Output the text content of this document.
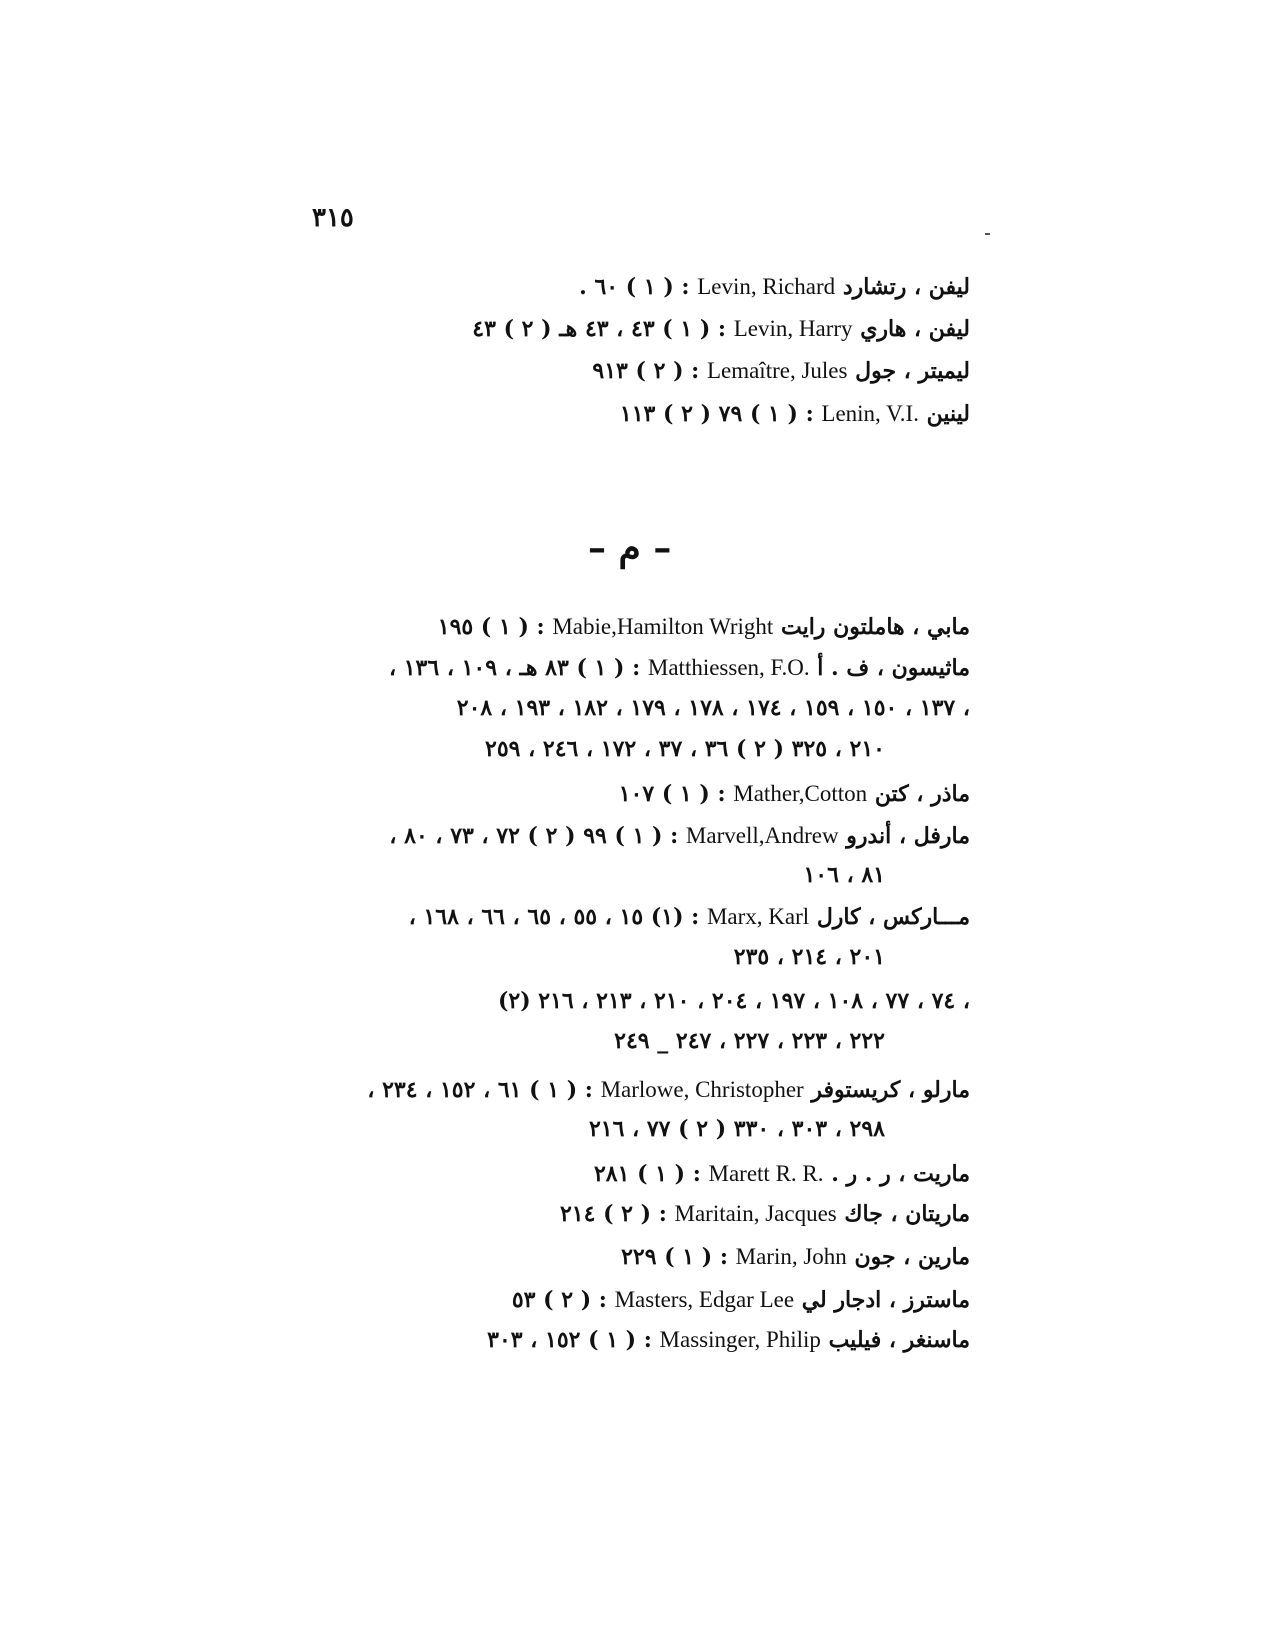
٣١٥
ليفن ، رتشارد Levin, Richard : ( ١ ) ٦٠ .
ليفن ، هاري Levin, Harry : ( ١ ) ٤٣ ، ٤٣ هـ ( ٢ ) ٤٣
ليميتر ، جول Lemaître, Jules : ( ٢ ) ٩١٣
لينين Lenin, V.I. : ( ١ ) ٧٩ ( ٢ ) ١١٣
– م –
مابي ، هاملتون رايت Mabie,Hamilton Wright : ( ١ ) ١٩٥
ماثيسون ، ف . أ Matthiessen, F.O. : ( ١ ) ٨٣ هـ ، ١٠٩ ، ١٣٦ ،
١٣٧ ، ١٥٠ ، ١٥٩ ، ١٧٤ ، ١٧٨ ، ١٧٩ ، ١٨٢ ، ١٩٣ ، ٢٠٨ ،
٢١٠ ، ٣٢٥ ( ٢ ) ٣٦ ، ٣٧ ، ١٧٢ ، ٢٤٦ ، ٢٥٩
ماذر ، كتن Mather,Cotton : ( ١ ) ١٠٧
مارفل ، أندرو Marvell,Andrew : ( ١ ) ٩٩ ( ٢ ) ٧٢ ، ٧٣ ، ٨٠ ،
٨١ ، ١٠٦
مـــاركس ، كارل Marx, Karl : (١) ١٥ ، ٥٥ ، ٦٥ ، ٦٦ ، ١٦٨ ،
٢٠١ ، ٢١٤ ، ٢٣٥
(٢) ٧٤ ، ٧٧ ، ١٠٨ ، ١٩٧ ، ٢٠٤ ، ٢١٠ ، ٢١٣ ، ٢١٦ ،
٢٢٢ ، ٢٢٣ ، ٢٢٧ ، ٢٤٧ _ ٢٤٩
مارلو ، كريستوفر Marlowe, Christopher : ( ١ ) ٦١ ، ١٥٢ ، ٢٣٤ ،
٢٩٨ ، ٣٠٣ ، ٣٣٠ ( ٢ ) ٧٧ ، ٢١٦
ماريت ، ر . ر . Marett R. R. : ( ١ ) ٢٨١
ماريتان ، جاك Maritain, Jacques : ( ٢ ) ٢١٤
مارين ، جون Marin, John : ( ١ ) ٢٢٩
ماسترز ، ادجار لي Masters, Edgar Lee : ( ٢ ) ٥٣
ماسنغر ، فيليب Massinger, Philip : ( ١ ) ١٥٢ ، ٣٠٣
